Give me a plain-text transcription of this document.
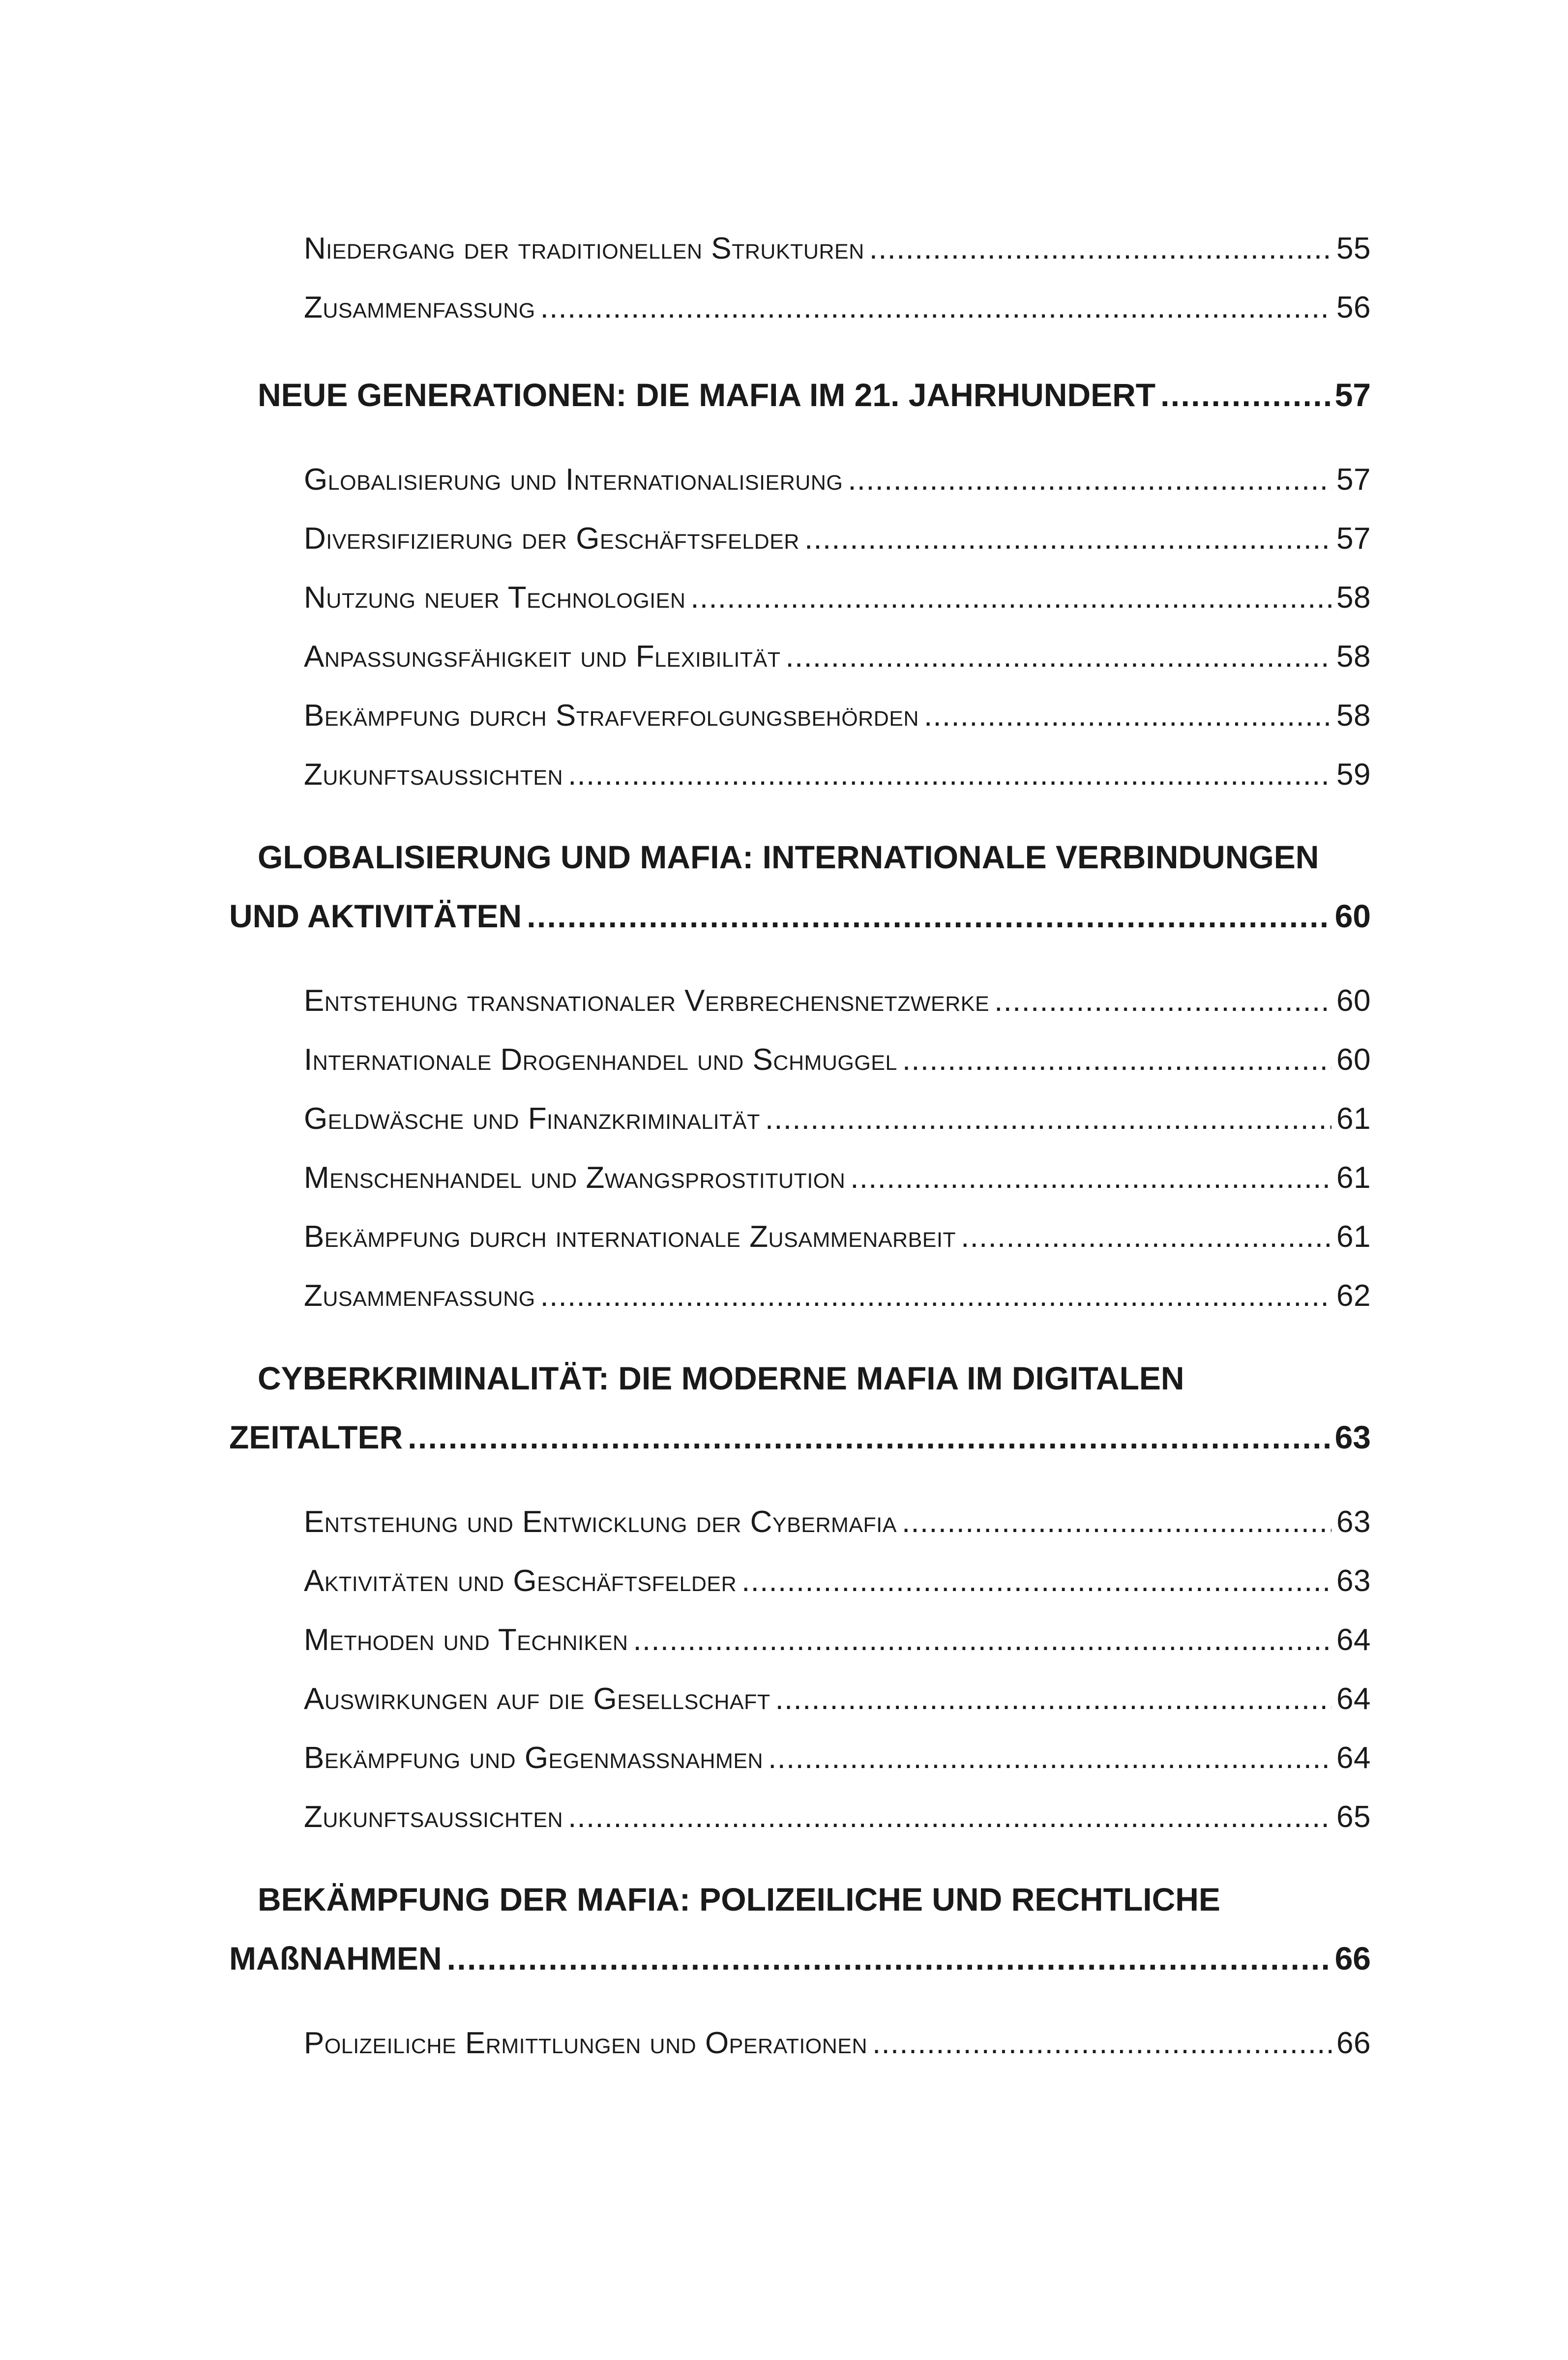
Niedergang der traditionellen Strukturen . . .	55
Zusammenfassung . . .	56
NEUE GENERATIONEN: DIE MAFIA IM 21. JAHRHUNDERT . . .	57
Globalisierung und Internationalisierung . . .	57
Diversifizierung der Geschäftsfelder . . .	57
Nutzung neuer Technologien . . .	58
Anpassungsfähigkeit und Flexibilität . . .	58
Bekämpfung durch Strafverfolgungsbehörden . . .	58
Zukunftsaussichten . . .	59
GLOBALISIERUNG UND MAFIA: INTERNATIONALE VERBINDUNGEN
UND AKTIVITÄTEN . . .	60
Entstehung transnationaler Verbrechensnetzwerke . . .	60
Internationale Drogenhandel und Schmuggel . . .	60
Geldwäsche und Finanzkriminalität . . .	61
Menschenhandel und Zwangsprostitution . . .	61
Bekämpfung durch internationale Zusammenarbeit . . .	61
Zusammenfassung . . .	62
CYBERKRIMINALITÄT: DIE MODERNE MAFIA IM DIGITALEN
ZEITALTER . . .	63
Entstehung und Entwicklung der Cybermafia . . .	63
Aktivitäten und Geschäftsfelder . . .	63
Methoden und Techniken . . .	64
Auswirkungen auf die Gesellschaft . . .	64
Bekämpfung und Gegenmaßnahmen . . .	64
Zukunftsaussichten . . .	65
BEKÄMPFUNG DER MAFIA: POLIZEILICHE UND RECHTLICHE
MAßNAHMEN . . .	66
Polizeiliche Ermittlungen und Operationen . . .	66
